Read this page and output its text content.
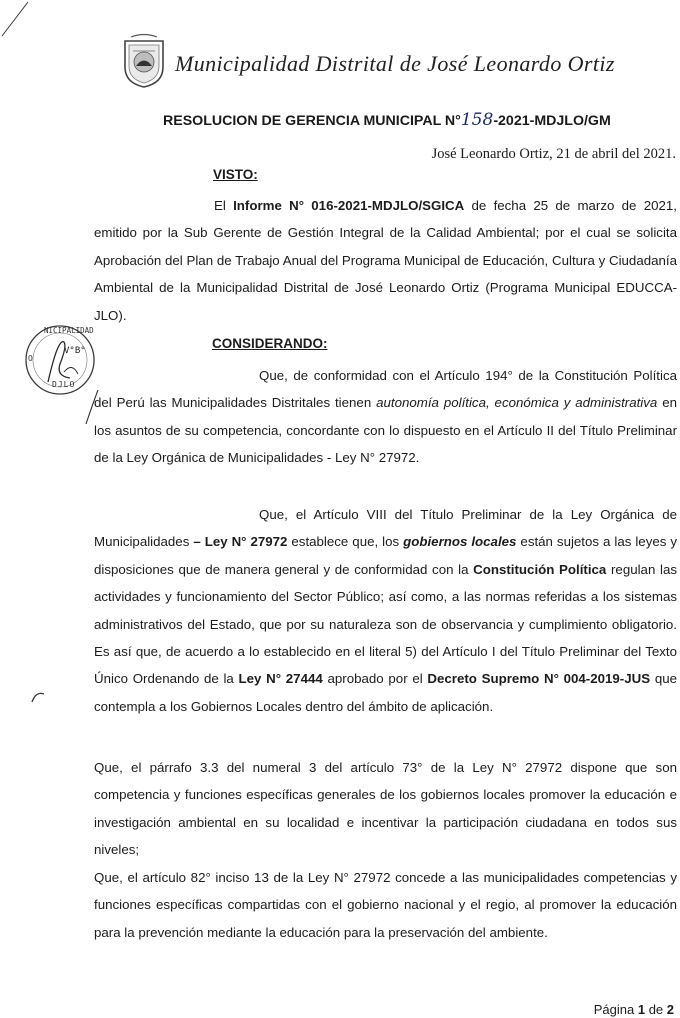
Municipalidad Distrital de José Leonardo Ortiz
RESOLUCION DE GERENCIA MUNICIPAL N°158-2021-MDJLO/GM
José Leonardo Ortiz, 21 de abril del 2021.
VISTO:
El Informe N° 016-2021-MDJLO/SGICA de fecha 25 de marzo de 2021, emitido por la Sub Gerente de Gestión Integral de la Calidad Ambiental; por el cual se solicita Aprobación del Plan de Trabajo Anual del Programa Municipal de Educación, Cultura y Ciudadanía Ambiental de la Municipalidad Distrital de José Leonardo Ortiz (Programa Municipal EDUCCA-JLO).
CONSIDERANDO:
Que, de conformidad con el Artículo 194° de la Constitución Política del Perú las Municipalidades Distritales tienen autonomía política, económica y administrativa en los asuntos de su competencia, concordante con lo dispuesto en el Artículo II del Título Preliminar de la Ley Orgánica de Municipalidades - Ley N° 27972.
Que, el Artículo VIII del Título Preliminar de la Ley Orgánica de Municipalidades – Ley N° 27972 establece que, los gobiernos locales están sujetos a las leyes y disposiciones que de manera general y de conformidad con la Constitución Política regulan las actividades y funcionamiento del Sector Público; así como, a las normas referidas a los sistemas administrativos del Estado, que por su naturaleza son de observancia y cumplimiento obligatorio. Es así que, de acuerdo a lo establecido en el literal 5) del Artículo I del Título Preliminar del Texto Único Ordenando de la Ley N° 27444 aprobado por el Decreto Supremo N° 004-2019-JUS que contempla a los Gobiernos Locales dentro del ámbito de aplicación.
Que, el párrafo 3.3 del numeral 3 del artículo 73° de la Ley N° 27972 dispone que son competencia y funciones específicas generales de los gobiernos locales promover la educación e investigación ambiental en su localidad e incentivar la participación ciudadana en todos sus niveles;
Que, el artículo 82° inciso 13 de la Ley N° 27972 concede a las municipalidades competencias y funciones específicas compartidas con el gobierno nacional y el regio, al promover la educación para la prevención mediante la educación para la preservación del ambiente.
NICIPALIDAD
O
V°B°
DJLO
Página 1 de 2
